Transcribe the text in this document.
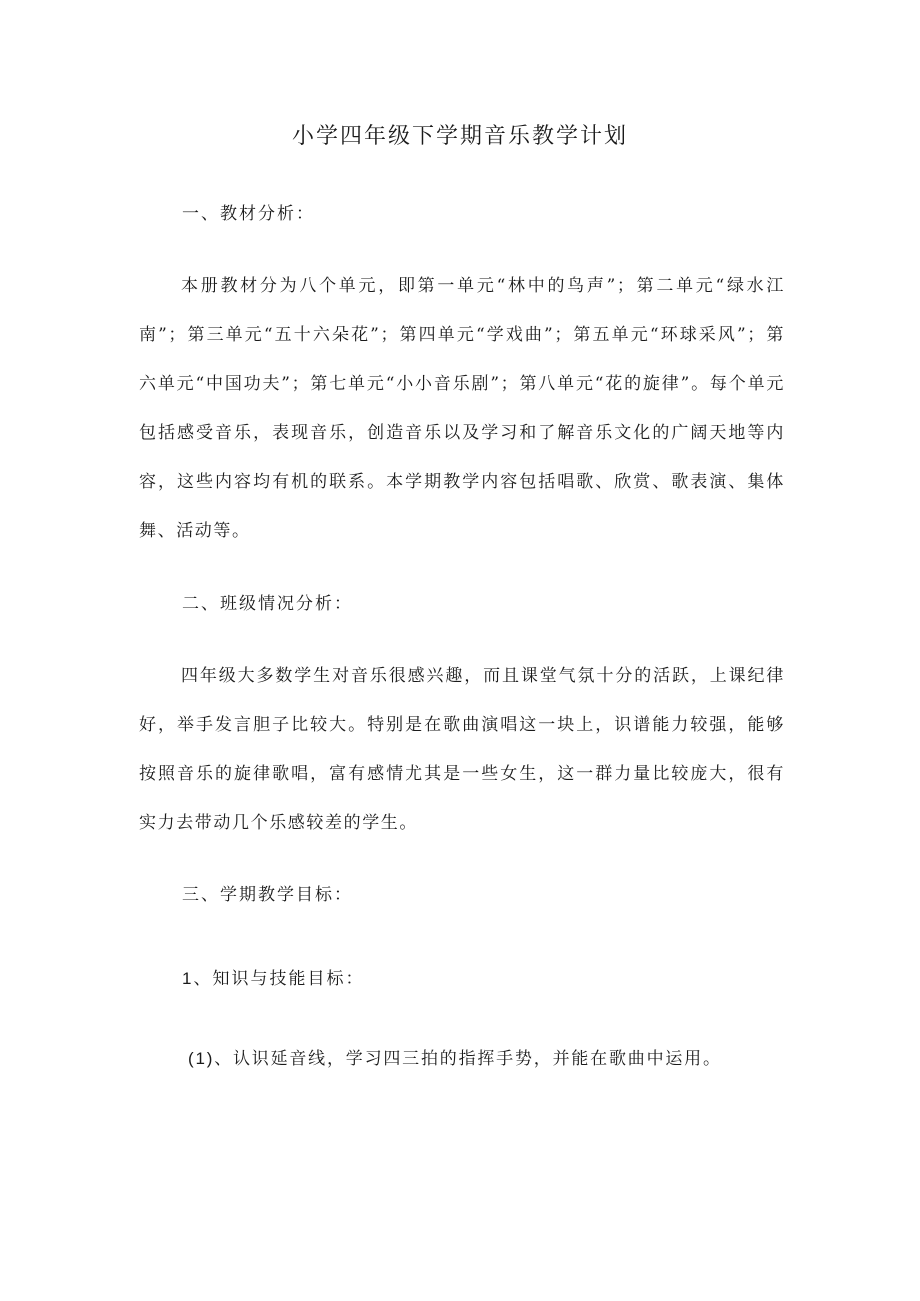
小学四年级下学期音乐教学计划
一、教材分析：
本册教材分为八个单元，即第一单元“林中的鸟声”；第二单元“绿水江南”；第三单元“五十六朵花”；第四单元“学戏曲”；第五单元“环球采风”；第六单元“中国功夫”；第七单元“小小音乐剧”；第八单元“花的旋律”。每个单元包括感受音乐，表现音乐，创造音乐以及学习和了解音乐文化的广阔天地等内容，这些内容均有机的联系。本学期教学内容包括唱歌、欣赏、歌表演、集体舞、活动等。
二、班级情况分析：
四年级大多数学生对音乐很感兴趣，而且课堂气氛十分的活跃，上课纪律好，举手发言胆子比较大。特别是在歌曲演唱这一块上，识谱能力较强，能够按照音乐的旋律歌唱，富有感情尤其是一些女生，这一群力量比较庞大，很有实力去带动几个乐感较差的学生。
三、学期教学目标：
1、知识与技能目标：
(1)、认识延音线，学习四三拍的指挥手势，并能在歌曲中运用。
